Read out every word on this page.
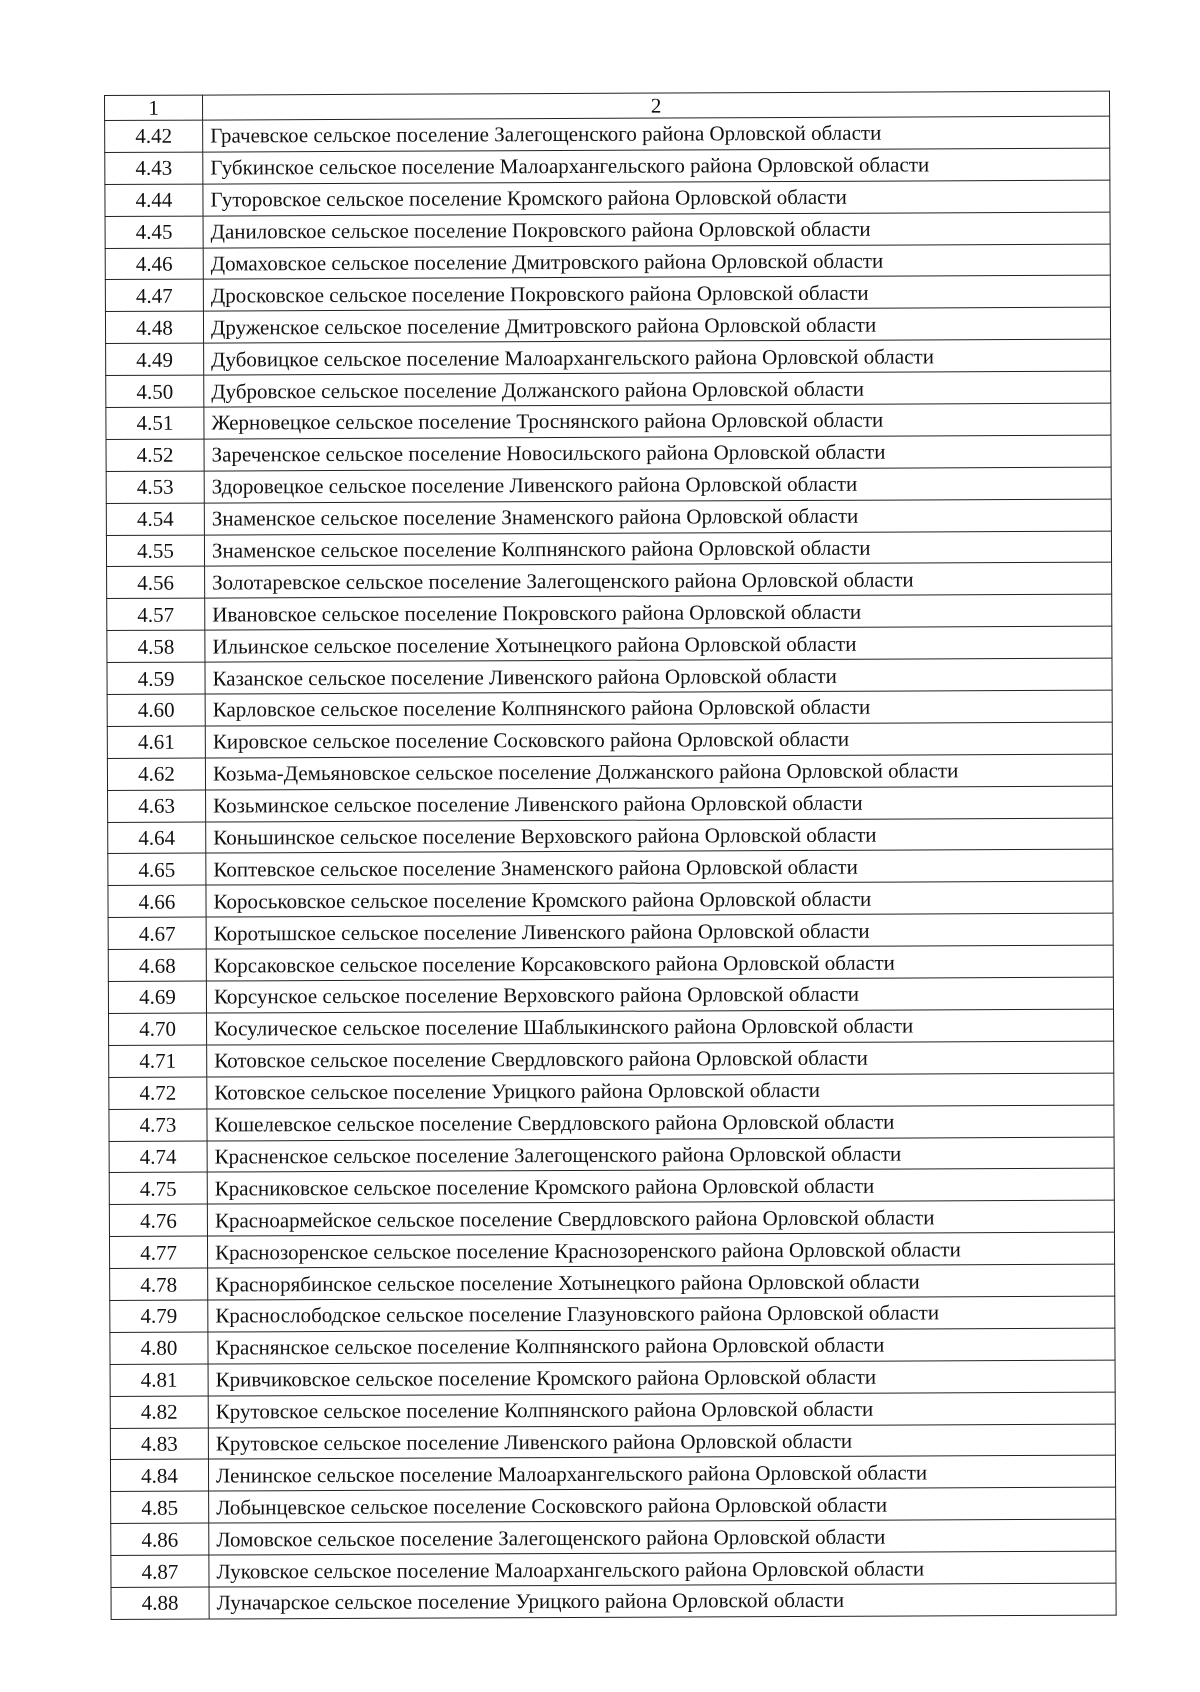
1	2
4.42	Грачевское сельское поселение Залегощенского района Орловской области
4.43	Губкинское сельское поселение Малоархангельского района Орловской области
4.44	Гуторовское сельское поселение Кромского района Орловской области
4.45	Даниловское сельское поселение Покровского района Орловской области
4.46	Домаховское сельское поселение Дмитровского района Орловской области
4.47	Дросковское сельское поселение Покровского района Орловской области
4.48	Друженское сельское поселение Дмитровского района Орловской области
4.49	Дубовицкое сельское поселение Малоархангельского района Орловской области
4.50	Дубровское сельское поселение Должанского района Орловской области
4.51	Жерновецкое сельское поселение Троснянского района Орловской области
4.52	Зареченское сельское поселение Новосильского района Орловской области
4.53	Здоровецкое сельское поселение Ливенского района Орловской области
4.54	Знаменское сельское поселение Знаменского района Орловской области
4.55	Знаменское сельское поселение Колпнянского района Орловской области
4.56	Золотаревское сельское поселение Залегощенского района Орловской области
4.57	Ивановское сельское поселение Покровского района Орловской области
4.58	Ильинское сельское поселение Хотынецкого района Орловской области
4.59	Казанское сельское поселение Ливенского района Орловской области
4.60	Карловское сельское поселение Колпнянского района Орловской области
4.61	Кировское сельское поселение Сосковского района Орловской области
4.62	Козьма-Демьяновское сельское поселение Должанского района Орловской области
4.63	Козьминское сельское поселение Ливенского района Орловской области
4.64	Коньшинское сельское поселение Верховского района Орловской области
4.65	Коптевское сельское поселение Знаменского района Орловской области
4.66	Короськовское сельское поселение Кромского района Орловской области
4.67	Коротышское сельское поселение Ливенского района Орловской области
4.68	Корсаковское сельское поселение Корсаковского района Орловской области
4.69	Корсунское сельское поселение Верховского района Орловской области
4.70	Косулическое сельское поселение Шаблыкинского района Орловской области
4.71	Котовское сельское поселение Свердловского района Орловской области
4.72	Котовское сельское поселение Урицкого района Орловской области
4.73	Кошелевское сельское поселение Свердловского района Орловской области
4.74	Красненское сельское поселение Залегощенского района Орловской области
4.75	Красниковское сельское поселение Кромского района Орловской области
4.76	Красноармейское сельское поселение Свердловского района Орловской области
4.77	Краснозоренское сельское поселение Краснозоренского района Орловской области
4.78	Краснорябинское сельское поселение Хотынецкого района Орловской области
4.79	Краснослободское сельское поселение Глазуновского района Орловской области
4.80	Краснянское сельское поселение Колпнянского района Орловской области
4.81	Кривчиковское сельское поселение Кромского района Орловской области
4.82	Крутовское сельское поселение Колпнянского района Орловской области
4.83	Крутовское сельское поселение Ливенского района Орловской области
4.84	Ленинское сельское поселение Малоархангельского района Орловской области
4.85	Лобынцевское сельское поселение Сосковского района Орловской области
4.86	Ломовское сельское поселение Залегощенского района Орловской области
4.87	Луковское сельское поселение Малоархангельского района Орловской области
4.88	Луначарское сельское поселение Урицкого района Орловской области
